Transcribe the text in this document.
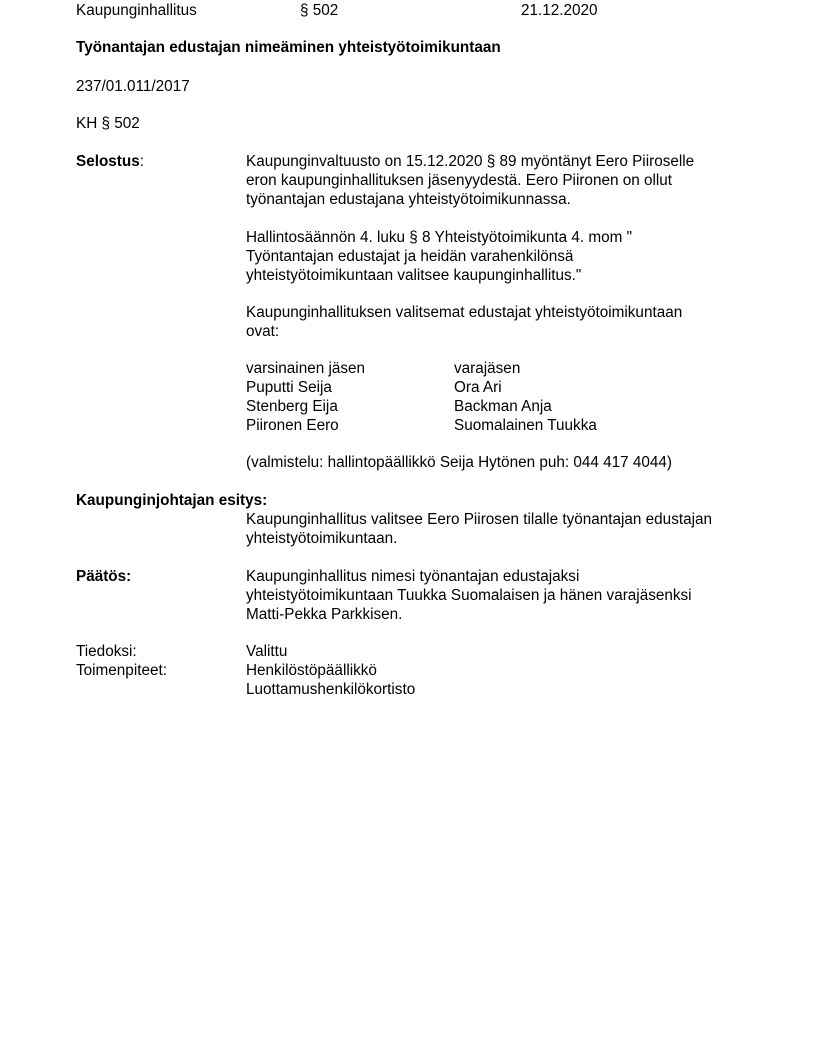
Kaupunginhallitus	§ 502	21.12.2020
Työnantajan edustajan nimeäminen yhteistyötoimikuntaan
237/01.011/2017
KH § 502
Selostus:	Kaupunginvaltuusto on 15.12.2020 § 89 myöntänyt Eero Piiroselle
eron kaupunginhallituksen jäsenyydestä. Eero Piironen on ollut
työnantajan edustajana yhteistyötoimikunnassa.
Hallintosäännön 4. luku § 8 Yhteistyötoimikunta 4. mom "
Työntantajan edustajat ja heidän varahenkilönsä
yhteistyötoimikuntaan valitsee kaupunginhallitus."
Kaupunginhallituksen valitsemat edustajat yhteistyötoimikuntaan
ovat:
varsinainen jäsen	varajäsen
Puputti Seija	Ora Ari
Stenberg Eija	Backman Anja
Piironen Eero	Suomalainen Tuukka
(valmistelu: hallintopäällikkö Seija Hytönen puh: 044 417 4044)
Kaupunginjohtajan esitys:
Kaupunginhallitus valitsee Eero Piirosen tilalle työnantajan edustajan
yhteistyötoimikuntaan.
Päätös:	Kaupunginhallitus nimesi työnantajan edustajaksi
yhteistyötoimikuntaan Tuukka Suomalaisen ja hänen varajäsenksi
Matti-Pekka Parkkisen.
Tiedoksi:	Valittu
Toimenpiteet:	Henkilöstöpäällikkö
Luottamushenkilökortisto
